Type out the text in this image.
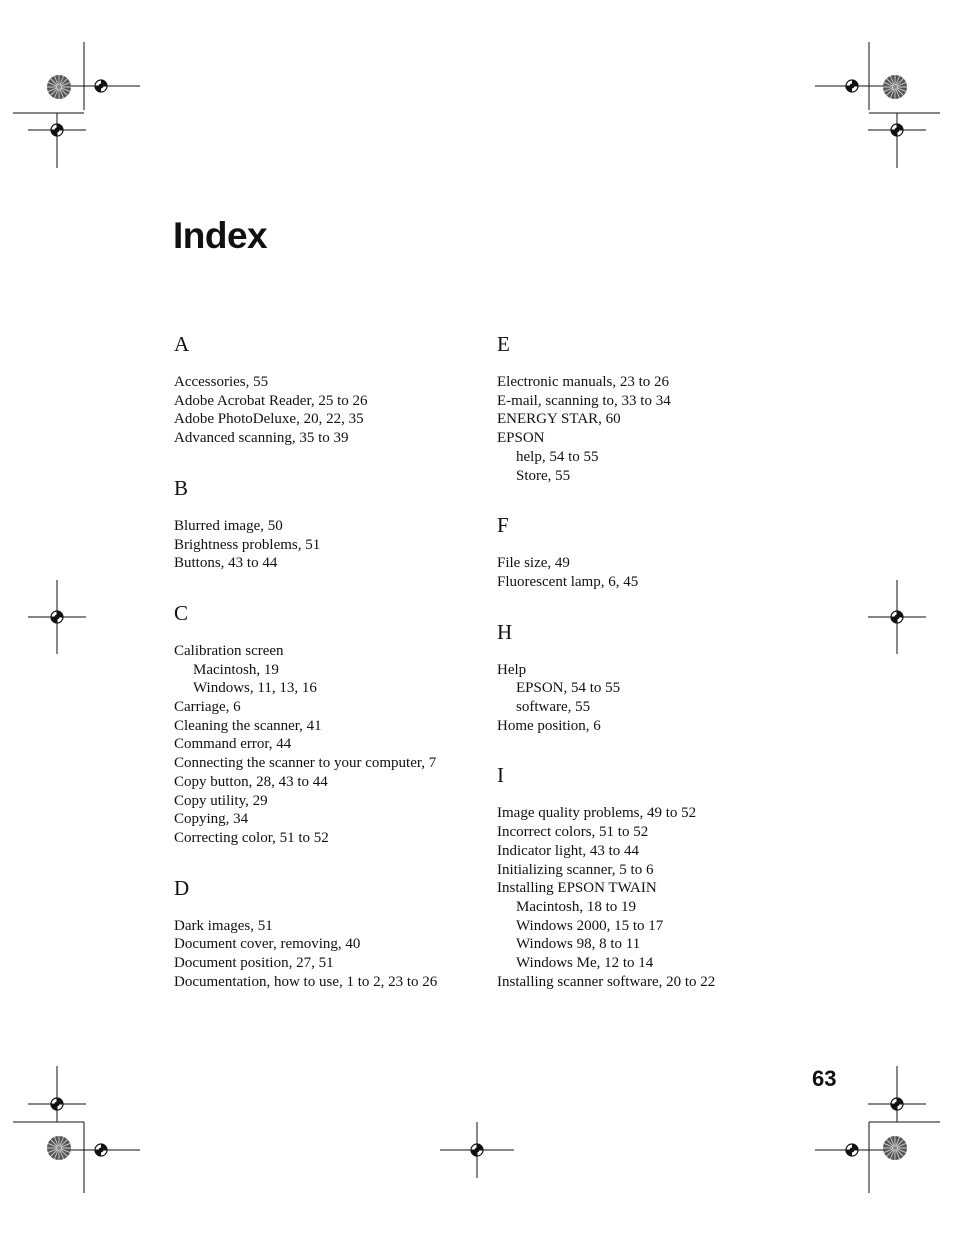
Index
A
Accessories, 55
Adobe Acrobat Reader, 25 to 26
Adobe PhotoDeluxe, 20, 22, 35
Advanced scanning, 35 to 39
B
Blurred image, 50
Brightness problems, 51
Buttons, 43 to 44
C
Calibration screen
Macintosh, 19
Windows, 11, 13, 16
Carriage, 6
Cleaning the scanner, 41
Command error, 44
Connecting the scanner to your computer, 7
Copy button, 28, 43 to 44
Copy utility, 29
Copying, 34
Correcting color, 51 to 52
D
Dark images, 51
Document cover, removing, 40
Document position, 27, 51
Documentation, how to use, 1 to 2, 23 to 26
E
Electronic manuals, 23 to 26
E-mail, scanning to, 33 to 34
ENERGY STAR, 60
EPSON
help, 54 to 55
Store, 55
F
File size, 49
Fluorescent lamp, 6, 45
H
Help
EPSON, 54 to 55
software, 55
Home position, 6
I
Image quality problems, 49 to 52
Incorrect colors, 51 to 52
Indicator light, 43 to 44
Initializing scanner, 5 to 6
Installing EPSON TWAIN
Macintosh, 18 to 19
Windows 2000, 15 to 17
Windows 98, 8 to 11
Windows Me, 12 to 14
Installing scanner software, 20 to 22
63
